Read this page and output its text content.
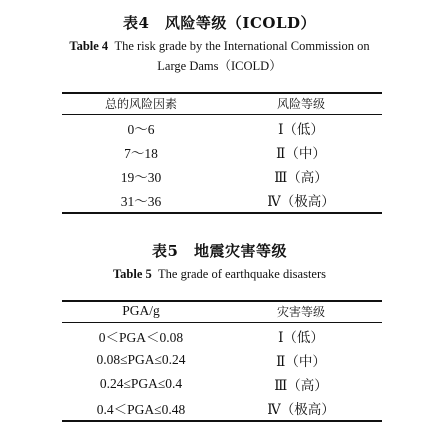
表4　风险等级（ICOLD）
Table 4 The risk grade by the International Commission on
Large Dams（ICOLD）
总的风险因素	风险等级
0～6	Ⅰ（低）
7～18	Ⅱ（中）
19～30	Ⅲ（高）
31～36	Ⅳ（极高）
表5　地震灾害等级
Table 5 The grade of earthquake disasters
PGA/g	灾害等级
0＜PGA＜0.08	Ⅰ（低）
0.08≤PGA≤0.24	Ⅱ（中）
0.24≤PGA≤0.4	Ⅲ（高）
0.4＜PGA≤0.48	Ⅳ（极高）
